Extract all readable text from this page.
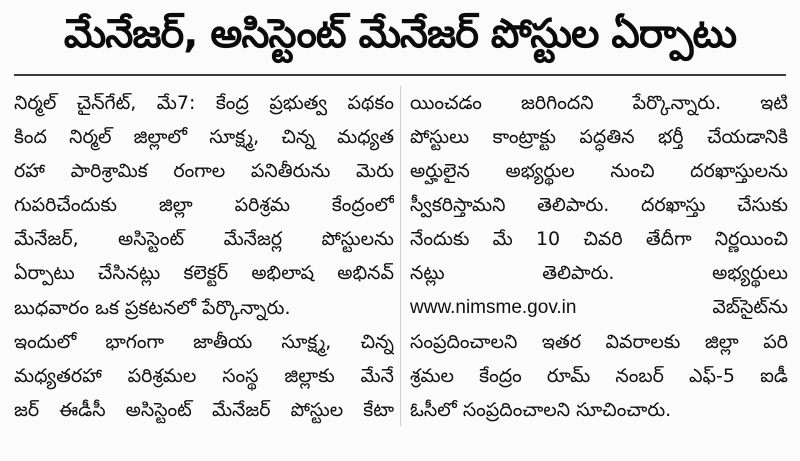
మేనేజర్, అసిస్టెంట్ మేనేజర్ పోస్టుల ఏర్పాటు
నిర్మల్ చైన్‌గేట్, మే7: కేంద్ర ప్రభుత్వ పథకం
కింద నిర్మల్ జిల్లాలో సూక్ష్మ, చిన్న మధ్యత
రహా పారిశ్రామిక రంగాల పనితీరును మెరు
గుపరిచేందుకు జిల్లా పరిశ్రమ కేంద్రంలో
మేనేజర్, అసిస్టెంట్ మేనేజర్ల పోస్టులను
ఏర్పాటు చేసినట్లు కలెక్టర్ అభిలాష అభినవ్
బుధవారం ఒక ప్రకటనలో పేర్కొన్నారు.
ఇందులో భాగంగా జాతీయ సూక్ష్మ, చిన్న
మధ్యతరహా పరిశ్రమల సంస్థ జిల్లాకు మేనే
జర్ ఈడీసీ అసిస్టెంట్ మేనేజర్ పోస్టుల కేటా
యించడం జరిగిందని పేర్కొన్నారు. ఇటి
పోస్టులు కాంట్రాక్టు పద్ధతిన భర్తీ చేయడానికి
అర్హులైన అభ్యర్థుల నుంచి దరఖాస్తులను
స్వీకరిస్తామని తెలిపారు. దరఖాస్తు చేసుకు
నేందుకు మే 10 చివరి తేదీగా నిర్ణయించి
నట్లు తెలిపారు. అభ్యర్థులు
www.nimsme.gov.in వెబ్‌సైట్‌ను
సంప్రదించాలని ఇతర వివరాలకు జిల్లా పరి
శ్రమల కేంద్రం రూమ్ నంబర్ ఎఫ్-5 ఐడీ
ఓసీలో సంప్రదించాలని సూచించారు.
